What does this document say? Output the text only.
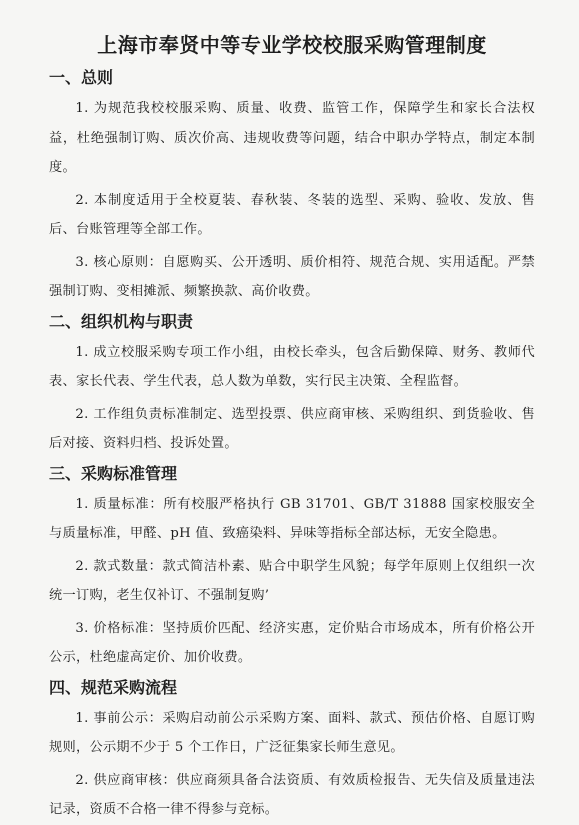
上海市奉贤中等专业学校校服采购管理制度
一、总则

1. 为规范我校校服采购、质量、收费、监管工作，保障学生和家长合法权益，杜绝强制订购、质次价高、违规收费等问题，结合中职办学特点，制定本制度。

2. 本制度适用于全校夏装、春秋装、冬装的选型、采购、验收、发放、售后、台账管理等全部工作。

3. 核心原则：自愿购买、公开透明、质价相符、规范合规、实用适配。严禁强制订购、变相摊派、频繁换款、高价收费。

二、组织机构与职责

1. 成立校服采购专项工作小组，由校长牵头，包含后勤保障、财务、教师代表、家长代表、学生代表，总人数为单数，实行民主决策、全程监督。

2. 工作组负责标准制定、选型投票、供应商审核、采购组织、到货验收、售后对接、资料归档、投诉处置。

三、采购标准管理

1. 质量标准：所有校服严格执行 GB 31701、GB/T 31888 国家校服安全与质量标准，甲醛、pH 值、致癌染料、异味等指标全部达标，无安全隐患。

2. 款式数量：款式简洁朴素、贴合中职学生风貌；每学年原则上仅组织一次统一订购，老生仅补订、不强制复购’

3. 价格标准：坚持质价匹配、经济实惠，定价贴合市场成本，所有价格公开公示，杜绝虚高定价、加价收费。

四、规范采购流程

1. 事前公示：采购启动前公示采购方案、面料、款式、预估价格、自愿订购规则，公示期不少于 5 个工作日，广泛征集家长师生意见。

2. 供应商审核：供应商须具备合法资质、有效质检报告、无失信及质量违法记录，资质不合格一律不得参与竞标。
